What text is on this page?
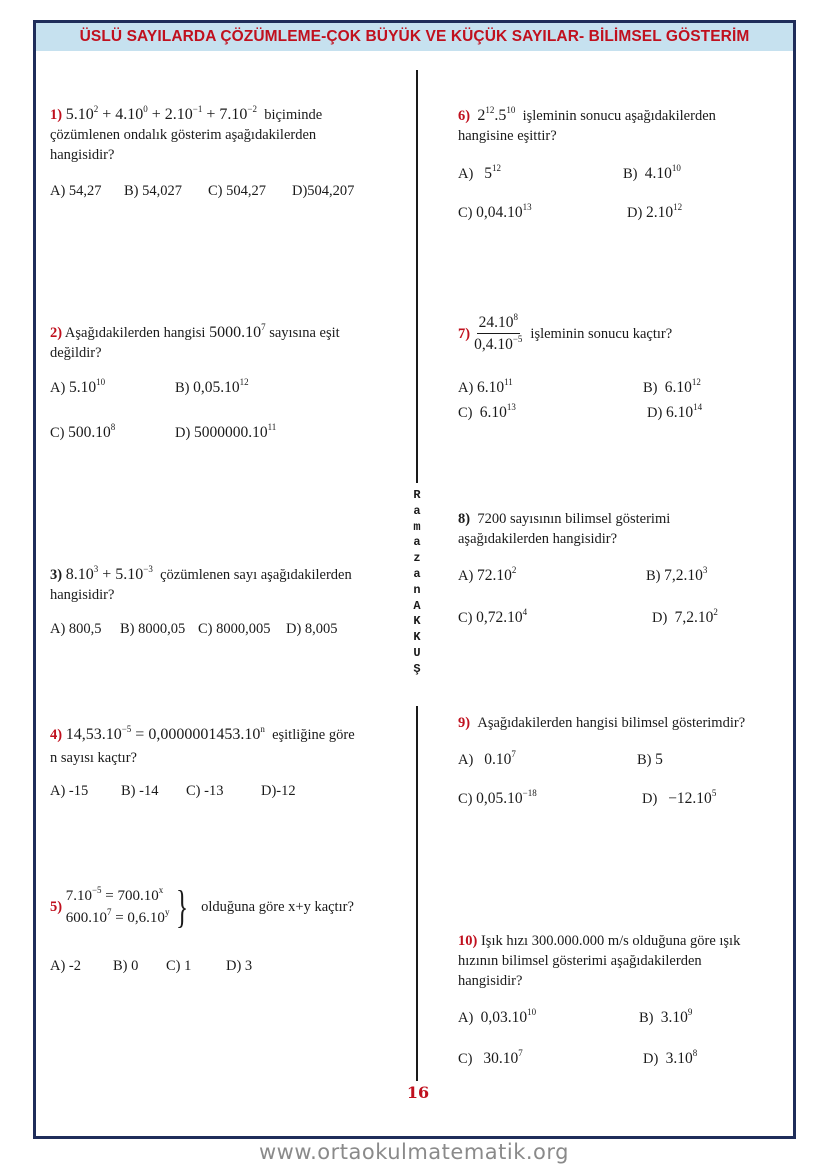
ÜSLÜ SAYILARDA ÇÖZÜMLEME-ÇOK BÜYÜK VE KÜÇÜK SAYILAR- BİLİMSEL GÖSTERİM
R
a
m
a
z
a
n
A
K
K
U
Ş
1) $5.10^2 + 4.10^0 + 2.10^{-1} + 7.10^{-2}$ biçiminde
çözümlenen ondalık gösterim aşağıdakilerden
hangisidir?
A) 54,27 B) 54,027 C) 504,27 D)504,207
2) Aşağıdakilerden hangisi 5000.10$^7$ sayısına eşit
değildir?
A) 5.10$^{10}$	B) 0,05.10$^{12}$
C) 500.10$^8$	D) 5000000.10$^{11}$
3) $8.10^3 + 5.10^{-3}$ çözümlenen sayı aşağıdakilerden
hangisidir?
A) 800,5 B) 8000,05 C) 8000,005 D) 8,005
4) $14,53.10^{-5} = 0,0000001453.10^n$ eşitliğine göre
n sayısı kaçtır?
A) -15 B) -14 C) -13	D)-12
5)
$7.10^{-5} = 700.10^x$
$600.10^7 = 0,6.10^y$ } olduğuna göre x+y kaçtır?
A) -2 B) 0 C) 1 D) 3
6) $2^{12}.5^{10}$ işleminin sonucu aşağıdakilerden
hangisine eşittir?
A) $5^{12}$	B) 4.10$^{10}$
C) 0,04.10$^{13}$	D) 2.10$^{12}$
$7) \frac{24.10^8}{0,4.10^{-5}}$ işleminin sonucu kaçtır?
A) 6.10$^{11}$	B) 6.10$^{12}$
C) 6.10$^{13}$	D) 6.10$^{14}$
8) 7200 sayısının bilimsel gösterimi
aşağıdakilerden hangisidir?
A) 72.10$^2$	B) 7,2.10$^3$
C) 0,72.10$^4$	D) 7,2.10$^2$
9) Aşağıdakilerden hangisi bilimsel gösterimdir?
A) 0.10$^7$	B) 5
C) $0,05.10^{-18}$	$D) -12.10^5$
10) Işık hızı 300.000.000 m/s olduğuna göre ışık
hızının bilimsel gösterimi aşağıdakilerden
hangisidir?
A) 0,03.10$^{10}$	B) 3.10$^9$
C) 30.10$^7$	D) 3.10$^8$
16
www.ortaokulmatematik.org
